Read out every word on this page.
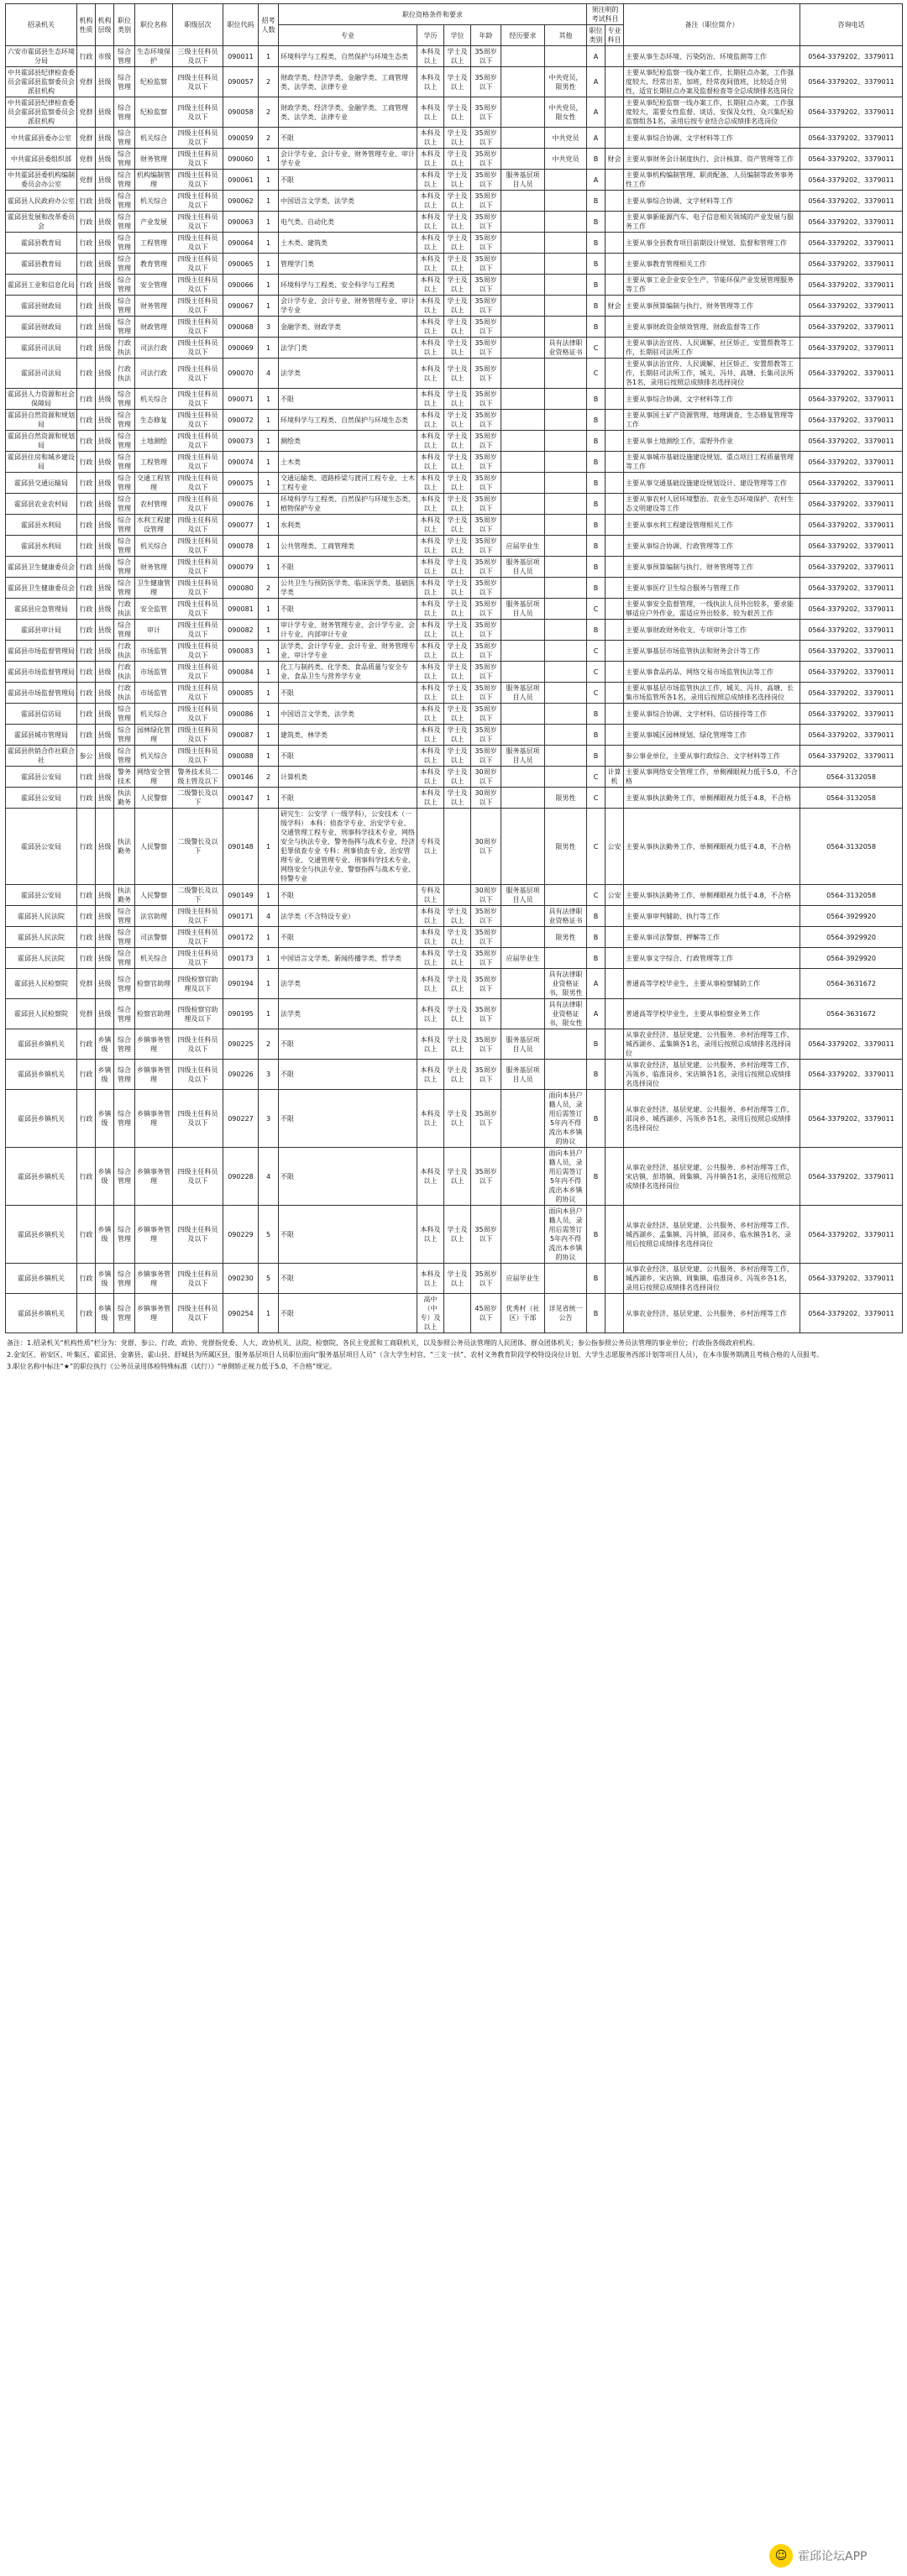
招录机关	机构性质	机构层级	职位类别	职位名称	职级层次	职位代码	招考人数	职位资格条件和要求						须注明的考试科目		备注（职位简介）	咨询电话
								专业	学历	学位	年龄	经历要求	其他	职位类别	专业科目		
六安市霍邱县生态环境分局	行政	市级	综合管理	生态环境保护	三级主任科员及以下	090011	1	环境科学与工程类、自然保护与环境生态类	本科及以上	学士及以上	35周岁以下			A		主要从事生态环境、污染防治、环境监测等工作	0564-3379202、3379011
中共霍邱县纪律检查委员会霍邱县监察委员会派驻机构	党群	县级	综合管理	纪检监察	四级主任科员及以下	090057	2	财政学类、经济学类、金融学类、工商管理类、法学类、法律专业	本科及以上	学士及以上	35周岁以下		中共党员，限男性	A		主要从事纪检监察一线办案工作，长期驻点办案，工作强度较大、经常出差、加班，经常夜间值班，比较适合男性，适宜长期驻点办案及监督检查等全总成绩排名选岗位	0564-3379202、3379011
中共霍邱县纪律检查委员会霍邱县监察委员会派驻机构	党群	县级	综合管理	纪检监察	四级主任科员及以下	090058	2	财政学类、经济学类、金融学类、工商管理类、法学类、法律专业	本科及以上	学士及以上	35周岁以下		中共党员，限女性	A		主要从事纪检监察一线办案工作，长期驻点办案，工作强度较大，需要女性监督、谈话、安保及女性、众兴集纪检监察组各1名，录用后按专业结合总成绩排名选岗位	0564-3379202、3379011
中共霍邱县委办公室	党群	县级	综合管理	机关综合	四级主任科员及以下	090059	2	不限	本科及以上	学士及以上	35周岁以下		中共党员	A		主要从事综合协调、文字材料等工作	0564-3379202、3379011
中共霍邱县委组织部	党群	县级	综合管理	财务管理	四级主任科员及以下	090060	1	会计学专业、会计专业、财务管理专业、审计学专业	本科及以上	学士及以上	35周岁以下		中共党员	B	财会	主要从事财务会计制度执行、会计核算、资产管理等工作	0564-3379202、3379011
中共霍邱县委机构编制委员会办公室	党群	县级	综合管理	机构编制管理	四级主任科员及以下	090061	1	不限	本科及以上	学士及以上	35周岁以下	服务基层项目人员		A		主要从事机构编制管理、职责配备、人员编制等政务事务性工作	0564-3379202、3379011
霍邱县人民政府办公室	行政	县级	综合管理	机关综合	四级主任科员及以下	090062	1	中国语言文学类、法学类	本科及以上	学士及以上	35周岁以下			B		主要从事综合协调、文字材料等工作	0564-3379202、3379011
霍邱县发展和改革委员会	行政	县级	综合管理	产业发展	四级主任科员及以下	090063	1	电气类、自动化类	本科及以上	学士及以上	35周岁以下			B		主要从事新能源汽车、电子信息相关领域的产业发展与服务工作	0564-3379202、3379011
霍邱县教育局	行政	县级	综合管理	工程管理	四级主任科员及以下	090064	1	土木类、建筑类	本科及以上	学士及以上	35周岁以下			B		主要从事全县教育项目前期设计规划、监督和管理工作	0564-3379202、3379011
霍邱县教育局	行政	县级	综合管理	教育管理	四级主任科员及以下	090065	1	管理学门类	本科及以上	学士及以上	35周岁以下			B		主要从事教育管理相关工作	0564-3379202、3379011
霍邱县工业和信息化局	行政	县级	综合管理	安全管理	四级主任科员及以下	090066	1	环境科学与工程类、安全科学与工程类	本科及以上	学士及以上	35周岁以下			B		主要从事工业企业安全生产、节能环保产业发展管理服务等工作	0564-3379202、3379011
霍邱县财政局	行政	县级	综合管理	财务管理	四级主任科员及以下	090067	1	会计学专业、会计专业、财务管理专业、审计学专业	本科及以上	学士及以上	35周岁以下			B	财会	主要从事预算编制与执行、财务管理等工作	0564-3379202、3379011
霍邱县财政局	行政	县级	综合管理	财政管理	四级主任科员及以下	090068	3	金融学类、财政学类	本科及以上	学士及以上	35周岁以下			B		主要从事财政资金绩效管理、财政监督等工作	0564-3379202、3379011
霍邱县司法局	行政	县级	行政执法	司法行政	四级主任科员及以下	090069	1	法学门类	本科及以上	学士及以上	35周岁以下		具有法律职业资格证书	C		主要从事法治宣传、人民调解、社区矫正、安置帮教等工作，长期驻司法所工作	0564-3379202、3379011
霍邱县司法局	行政	县级	行政执法	司法行政	四级主任科员及以下	090070	4	法学类	本科及以上	学士及以上	35周岁以下			C		主要从事法治宣传、人民调解、社区矫正、安置帮教等工作，长期驻司法所工作，城关、冯井、高塘、长集司法所各1名，录用后按照总成绩排名选择岗位	0564-3379202、3379011
霍邱县人力资源和社会保障局	行政	县级	综合管理	机关综合	四级主任科员及以下	090071	1	不限	本科及以上	学士及以上	35周岁以下			B		主要从事综合协调、文字材料等工作	0564-3379202、3379011
霍邱县自然资源和规划局	行政	县级	综合管理	生态修复	四级主任科员及以下	090072	1	环境科学与工程类、自然保护与环境生态类	本科及以上	学士及以上	35周岁以下			B		主要从事国土矿产资源管理、地理调查、生态修复管理等工作	0564-3379202、3379011
霍邱县自然资源和规划局	行政	县级	综合管理	土地测绘	四级主任科员及以下	090073	1	测绘类	本科及以上	学士及以上	35周岁以下			B		主要从事土地测绘工作，需野外作业	0564-3379202、3379011
霍邱县住房和城乡建设局	行政	县级	综合管理	工程管理	四级主任科员及以下	090074	1	土木类	本科及以上	学士及以上	35周岁以下			B		主要从事城市基础设施建设规划、重点项目工程质量管理等工作	0564-3379202、3379011
霍邱县交通运输局	行政	县级	综合管理	交通工程管理	四级主任科员及以下	090075	1	交通运输类、道路桥梁与渡河工程专业、土木工程专业	本科及以上	学士及以上	35周岁以下			B		主要从事交通基础设施建设规划设计、建设管理等工作	0564-3379202、3379011
霍邱县农业农村局	行政	县级	综合管理	农村管理	四级主任科员及以下	090076	1	环境科学与工程类、自然保护与环境生态类、植物保护专业	本科及以上	学士及以上	35周岁以下			B		主要从事农村人居环境整治、农业生态环境保护、农村生态文明建设等工作	0564-3379202、3379011
霍邱县水利局	行政	县级	综合管理	水利工程建设管理	四级主任科员及以下	090077	1	水利类	本科及以上	学士及以上	35周岁以下			B		主要从事水利工程建设管理相关工作	0564-3379202、3379011
霍邱县水利局	行政	县级	综合管理	机关综合	四级主任科员及以下	090078	1	公共管理类、工商管理类	本科及以上	学士及以上	35周岁以下	应届毕业生		B		主要从事综合协调、行政管理等工作	0564-3379202、3379011
霍邱县卫生健康委员会	行政	县级	综合管理	财务管理	四级主任科员及以下	090079	1	不限	本科及以上	学士及以上	35周岁以下	服务基层项目人员		B		主要从事预算编制与执行、财务管理等工作	0564-3379202、3379011
霍邱县卫生健康委员会	行政	县级	综合管理	卫生健康管理	四级主任科员及以下	090080	2	公共卫生与预防医学类、临床医学类、基础医学类	本科及以上	学士及以上	35周岁以下			B		主要从事医疗卫生综合服务与管理工作	0564-3379202、3379011
霍邱县应急管理局	行政	县级	行政执法	安全监管	四级主任科员及以下	090081	1	不限	本科及以上	学士及以上	35周岁以下	服务基层项目人员		C		主要从事安全监督管理，一线执法人员外出较多，要求能够适应户外作业，需适应外出较多、较为艰苦工作	0564-3379202、3379011
霍邱县审计局	行政	县级	综合管理	审计	四级主任科员及以下	090082	1	审计学专业、财务管理专业、会计学专业、会计专业、内部审计专业	本科及以上	学士及以上	35周岁以下			B		主要从事财政财务收支、专项审计等工作	0564-3379202、3379011
霍邱县市场监督管理局	行政	县级	行政执法	市场监管	四级主任科员及以下	090083	1	法学类、会计学专业、会计专业、财务管理专业、审计学专业	本科及以上	学士及以上	35周岁以下			C		主要从事基层市场监管执法和财务会计等工作	0564-3379202、3379011
霍邱县市场监督管理局	行政	县级	行政执法	市场监管	四级主任科员及以下	090084	1	化工与制药类、化学类、食品质量与安全专业、食品卫生与营养学专业	本科及以上	学士及以上	35周岁以下			C		主要从事食品药品、网络交易市场监管执法等工作	0564-3379202、3379011
霍邱县市场监督管理局	行政	县级	行政执法	市场监管	四级主任科员及以下	090085	1	不限	本科及以上	学士及以上	35周岁以下	服务基层项目人员		C		主要从事基层市场监管执法工作，城关、冯井、高塘、长集市场监管所各1名，录用后按照总成绩排名选择岗位	0564-3379202、3379011
霍邱县信访局	行政	县级	综合管理	机关综合	四级主任科员及以下	090086	1	中国语言文学类、法学类	本科及以上	学士及以上	35周岁以下			B		主要从事综合协调、文字材料、信访接待等工作	0564-3379202、3379011
霍邱县城市管理局	行政	县级	综合管理	园林绿化管理	四级主任科员及以下	090087	1	建筑类、林学类	本科及以上	学士及以上	35周岁以下			B		主要从事城区园林规划、绿化管理等工作	0564-3379202、3379011
霍邱县供销合作社联合社	参公	县级	综合管理	机关综合	四级主任科员及以下	090088	1	不限	本科及以上	学士及以上	35周岁以下	服务基层项目人员		B		参公事业单位，主要从事行政综合、文字材料等工作	0564-3379202、3379011
霍邱县公安局	行政	县级	警务技术	网络安全管理	警务技术员二级主管及以下	090146	2	计算机类	本科及以上	学士及以上	30周岁以下			C	计算机	主要从事网络安全管理工作，单侧裸眼视力低于5.0，不合格	0564-3132058
霍邱县公安局	行政	县级	执法勤务	人民警察	二级警长及以下	090147	1	不限	本科及以上	学士及以上	30周岁以下		限男性	C		主要从事执法勤务工作，单侧裸眼视力低于4.8，不合格	0564-3132058
霍邱县公安局	行政	县级	执法勤务	人民警察	二级警长及以下	090148	1	研究生：公安学（一级学科），公安技术（一级学科） 本科：侦查学专业、治安学专业、交通管理工程专业、刑事科学技术专业、网络安全与执法专业、警务指挥与战术专业、经济犯罪侦查专业 专科：刑事侦查专业、治安管理专业、交通管理专业、刑事科学技术专业、网络安全与执法专业、警察指挥与战术专业、特警专业	专科及以上		30周岁以下		限男性	C	公安	主要从事执法勤务工作，单侧裸眼视力低于4.8，不合格	0564-3132058
霍邱县公安局	行政	县级	执法勤务	人民警察	二级警长及以下	090149	1	不限	专科及以上		30周岁以下	服务基层项目人员		C	公安	主要从事执法勤务工作，单侧裸眼视力低于4.8，不合格	0564-3132058
霍邱县人民法院	行政	县级	综合管理	法官助理	四级主任科员及以下	090171	4	法学类（不含特设专业）	本科及以上	学士及以上	35周岁以下		具有法律职业资格证书	B		主要从事审判辅助、执行等工作	0564-3929920
霍邱县人民法院	行政	县级	综合管理	司法警察	四级主任科员及以下	090172	1	不限	本科及以上	学士及以上	35周岁以下		限男性	B		主要从事司法警察、押解等工作	0564-3929920
霍邱县人民法院	行政	县级	综合管理	机关综合	四级主任科员及以下	090173	1	中国语言文学类、新闻传播学类、哲学类	本科及以上	学士及以上	35周岁以下	应届毕业生		B		主要从事文字综合、行政管理等工作	0564-3929920
霍邱县人民检察院	党群	县级	综合管理	检察官助理	四级检察官助理及以下	090194	1	法学类	本科及以上	学士及以上	35周岁以下		具有法律职业资格证书，限男性	A		普通高等学校毕业生，主要从事检察辅助工作	0564-3631672
霍邱县人民检察院	党群	县级	综合管理	检察官助理	四级检察官助理及以下	090195	1	法学类	本科及以上	学士及以上	35周岁以下		具有法律职业资格证书，限女性	A		普通高等学校毕业生，主要从事检察业务工作	0564-3631672
霍邱县乡镇机关	行政	乡镇级	综合管理	乡镇事务管理	四级主任科员及以下	090225	2	不限	本科及以上	学士及以上	35周岁以下	服务基层项目人员		B		从事农业经济、基层党建、公共服务、乡村治理等工作，城西湖乡、孟集镇各1名，录用后按照总成绩排名选择岗位	0564-3379202、3379011
霍邱县乡镇机关	行政	乡镇级	综合管理	乡镇事务管理	四级主任科员及以下	090226	3	不限	本科及以上	学士及以上	35周岁以下	服务基层项目人员		B		从事农业经济、基层党建、公共服务、乡村治理等工作，冯瓴乡、临淮岗乡、宋店镇各1名，录用后按照总成绩排名选择岗位	0564-3379202、3379011
霍邱县乡镇机关	行政	乡镇级	综合管理	乡镇事务管理	四级主任科员及以下	090227	3	不限	本科及以上	学士及以上	35周岁以下		面向本县户籍人员，录用后需签订5年内不得流出本乡镇的协议	B		从事农业经济、基层党建、公共服务、乡村治理等工作，邵岗乡、城西湖乡、冯瓴乡各1名，录用后按照总成绩排名选择岗位	0564-3379202、3379011
霍邱县乡镇机关	行政	乡镇级	综合管理	乡镇事务管理	四级主任科员及以下	090228	4	不限	本科及以上	学士及以上	35周岁以下		面向本县户籍人员，录用后需签订5年内不得流出本乡镇的协议	B		从事农业经济、基层党建、公共服务、乡村治理等工作，宋店镇、彭塔镇、周集镇、冯井镇各1名，录用后按照总成绩排名选择岗位	0564-3379202、3379011
霍邱县乡镇机关	行政	乡镇级	综合管理	乡镇事务管理	四级主任科员及以下	090229	5	不限	本科及以上	学士及以上	35周岁以下		面向本县户籍人员，录用后需签订5年内不得流出本乡镇的协议	B		从事农业经济、基层党建、公共服务、乡村治理等工作，城西湖乡、孟集镇、冯井镇、邵岗乡、临水镇各1名，录用后按照总成绩排名选择岗位	0564-3379202、3379011
霍邱县乡镇机关	行政	乡镇级	综合管理	乡镇事务管理	四级主任科员及以下	090230	5	不限	本科及以上	学士及以上	35周岁以下	应届毕业生		B		从事农业经济、基层党建、公共服务、乡村治理等工作，城西湖乡、宋店镇、周集镇、临淮岗乡、冯瓴乡各1名，录用后按照总成绩排名选择岗位	0564-3379202、3379011
霍邱县乡镇机关	行政	乡镇级	综合管理	乡镇事务管理	四级主任科员及以下	090254	1	不限	高中（中专）及以上		45周岁以下	优秀村（社区）干部	详见省统一公告	B		从事农业经济、基层党建、公共服务、乡村治理等工作	0564-3379202、3379011

备注：1.招录机关“机构性质”栏分为：党群、参公、行政、政协、党群指党委、人大、政协机关、法院、检察院、各民主党派和工商联机关，以及参照公务员法管理的人民团体、群众团体机关；参公指参照公务员法管理的事业单位；行政指各级政府机构。

2.金安区、裕安区、叶集区、霍邱县、金寨县、霍山县、舒城县为所属区县，服务基层项目人员职位面向“服务基层项目人员”（含大学生村官、“三支一扶”、农村义务教育阶段学校特设岗位计划、大学生志愿服务西部计划等项目人员），在本市服务期满且考核合格的人员报考。

3.职位名称中标注“★”的职位执行《公务员录用体检特殊标准（试行）》“单侧矫正视力低于5.0，不合格”规定。

☺ 霍邱论坛APP
